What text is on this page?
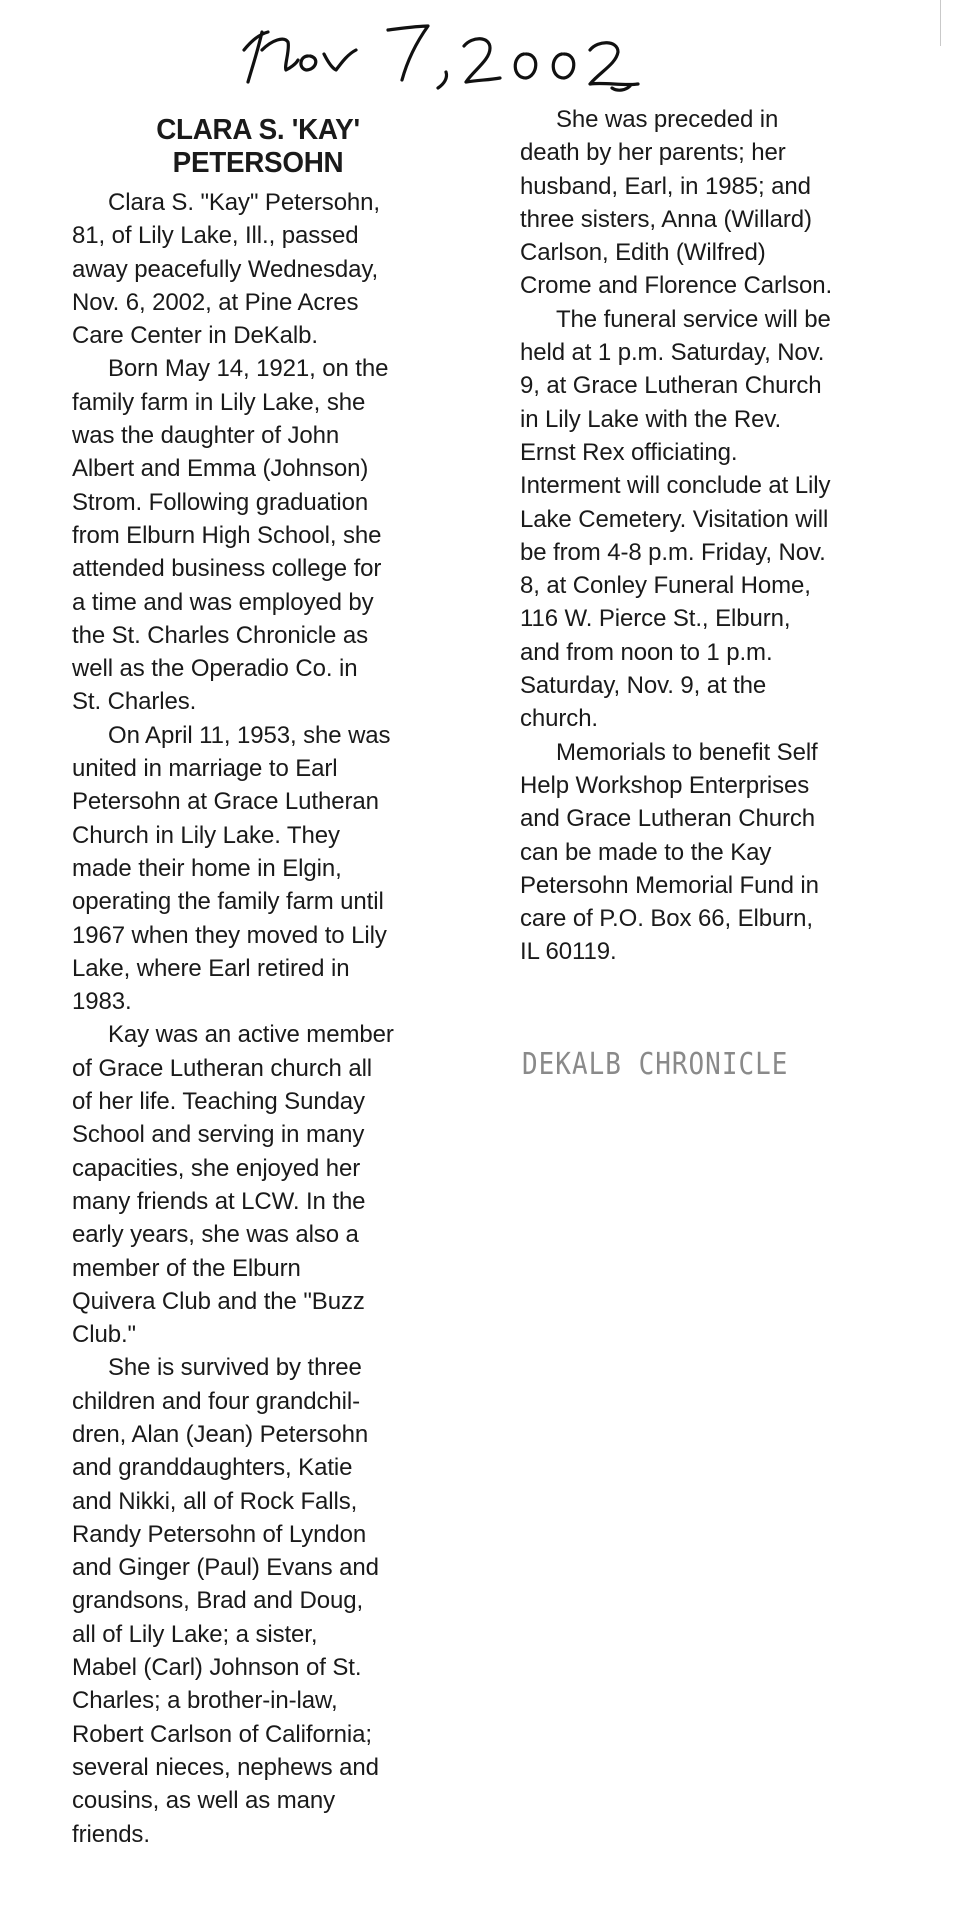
CLARA S. 'KAY'
PETERSOHN
Clara S. "Kay" Petersohn,
81, of Lily Lake, Ill., passed
away peacefully Wednesday,
Nov. 6, 2002, at Pine Acres
Care Center in DeKalb.
Born May 14, 1921, on the
family farm in Lily Lake, she
was the daughter of John
Albert and Emma (Johnson)
Strom. Following graduation
from Elburn High School, she
attended business college for
a time and was employed by
the St. Charles Chronicle as
well as the Operadio Co. in
St. Charles.
On April 11, 1953, she was
united in marriage to Earl
Petersohn at Grace Lutheran
Church in Lily Lake. They
made their home in Elgin,
operating the family farm until
1967 when they moved to Lily
Lake, where Earl retired in
1983.
Kay was an active member
of Grace Lutheran church all
of her life. Teaching Sunday
School and serving in many
capacities, she enjoyed her
many friends at LCW. In the
early years, she was also a
member of the Elburn
Quivera Club and the "Buzz
Club."
She is survived by three
children and four grandchil-
dren, Alan (Jean) Petersohn
and granddaughters, Katie
and Nikki, all of Rock Falls,
Randy Petersohn of Lyndon
and Ginger (Paul) Evans and
grandsons, Brad and Doug,
all of Lily Lake; a sister,
Mabel (Carl) Johnson of St.
Charles; a brother-in-law,
Robert Carlson of California;
several nieces, nephews and
cousins, as well as many
friends.
She was preceded in
death by her parents; her
husband, Earl, in 1985; and
three sisters, Anna (Willard)
Carlson, Edith (Wilfred)
Crome and Florence Carlson.
The funeral service will be
held at 1 p.m. Saturday, Nov.
9, at Grace Lutheran Church
in Lily Lake with the Rev.
Ernst Rex officiating.
Interment will conclude at Lily
Lake Cemetery. Visitation will
be from 4-8 p.m. Friday, Nov.
8, at Conley Funeral Home,
116 W. Pierce St., Elburn,
and from noon to 1 p.m.
Saturday, Nov. 9, at the
church.
Memorials to benefit Self
Help Workshop Enterprises
and Grace Lutheran Church
can be made to the Kay
Petersohn Memorial Fund in
care of P.O. Box 66, Elburn,
IL 60119.
DEKALB CHRONICLE
